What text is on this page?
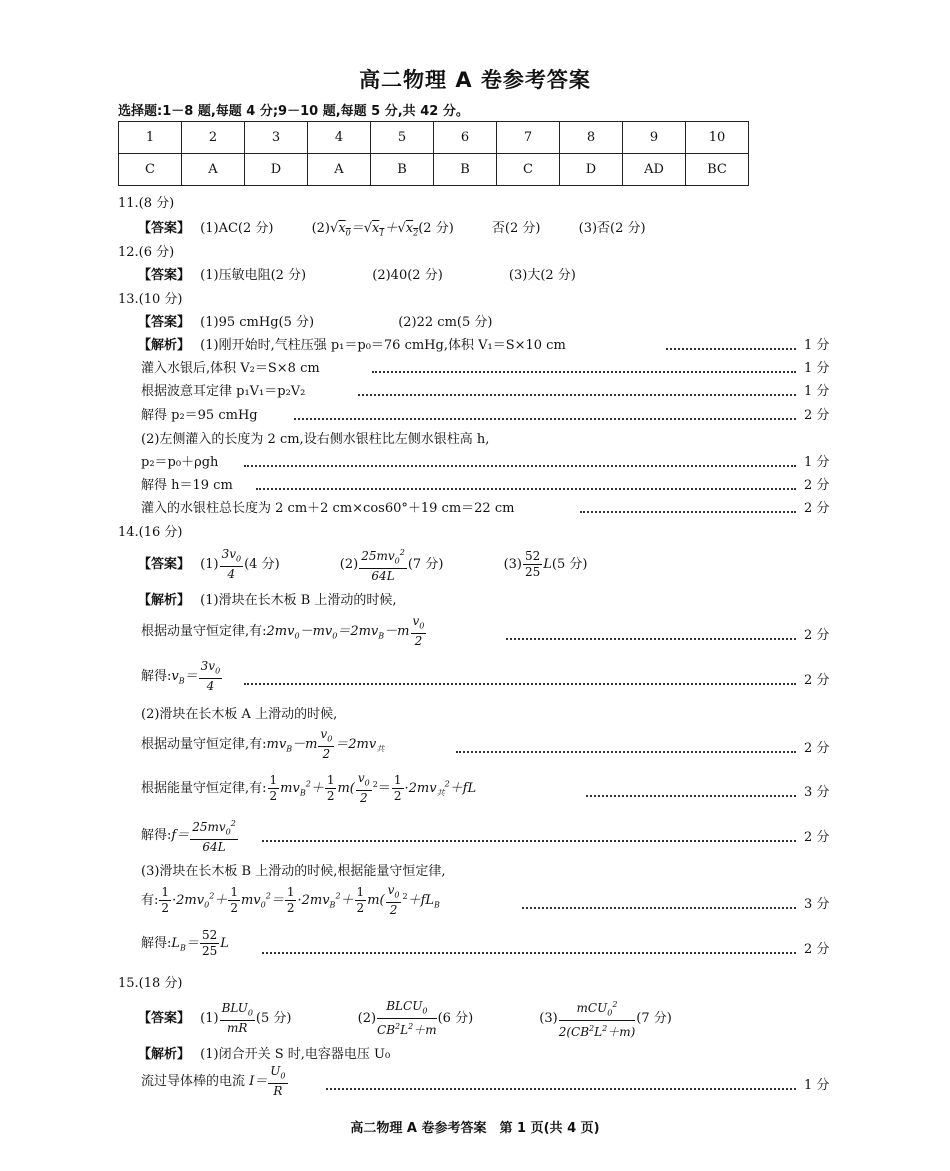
高二物理 A 卷参考答案
选择题:1－8 题,每题 4 分;9－10 题,每题 5 分,共 42 分。
1	2	3	4	5	6	7	8	9	10
C	A	D	A	B	B	C	D	AD	BC
11.(8 分)
【答案】 (1)AC(2 分)	$(2)√x_0=√x_1+√x_2(2$ 分)	否(2 分)	(3)否(2 分)
12.(6 分)
【答案】 (1)压敏电阻(2 分)	(2)40(2 分)	(3)大(2 分)
13.(10 分)
【答案】 (1)95 cmHg(5 分)	(2)22 cm(5 分)
【解析】 (1)刚开始时,气柱压强 p₁＝p₀＝76 cmHg,体积 V₁＝S×10 cm	1 分
灌入水银后,体积 V₂＝S×8 cm	1 分
根据波意耳定律 p₁V₁＝p₂V₂	1 分
解得 p₂＝95 cmHg	2 分
(2)左侧灌入的长度为 2 cm,设右侧水银柱比左侧水银柱高 h,
p₂＝p₀＋ρgh	1 分
解得 h＝19 cm	2 分
灌入的水银柱总长度为 2 cm＋2 cm×cos60°＋19 cm＝22 cm	2 分
14.(16 分)
【答案】 $(1) \frac{3v_0}{4} (4$ 分)	$(2) \frac{25mv_0^2}{64L} (7$ 分)	$(3) \frac{52}{25} L(5$ 分)
【解析】 (1)滑块在长木板 B 上滑动的时候,
根据动量守恒定律,有$:2mv_0-mv_0=2mv_B-m \frac{v_0}{2}$	2 分
解得$:v_B= \frac{3v_0}{4}$	2 分
(2)滑块在长木板 A 上滑动的时候,
根据动量守恒定律,有$:mv_B-m \frac{v_0}{2} =2mv_共$	2 分
根据能量守恒定律,有: $\frac{1}{2} mv_B^2+ \frac{1}{2} m( \frac{v_0}{2} ^2= \frac{1}{2} \cdot 2mv_共^2+fL$	3 分
解得:f＝ $\frac{25mv_0^2}{64L}$	2 分
(3)滑块在长木板 B 上滑动的时候,根据能量守恒定律,
有: $\frac{1}{2} \cdot 2mv_0^2+ \frac{1}{2} mv_0^2= \frac{1}{2} \cdot 2mv_B^2+ \frac{1}{2} m( \frac{v_0}{2} ^2+fL_B$	3 分
解得$:L_B= \frac{52}{25}$ L	2 分
15.(18 分)
【答案】 $(1) \frac{BLU_0}{mR} (5$ 分)	$(2) \frac{BLCU_0}{CB^2L^2+m} (6$ 分)	$(3) \frac{mCU_0^2}{2(CB^2L^2+m)} (7$ 分)
【解析】 (1)闭合开关 S 时,电容器电压 U₀
流过导体棒的电流 $I= \frac{U_0}{R}$	1 分
高二物理 A 卷参考答案　第 1 页(共 4 页)
